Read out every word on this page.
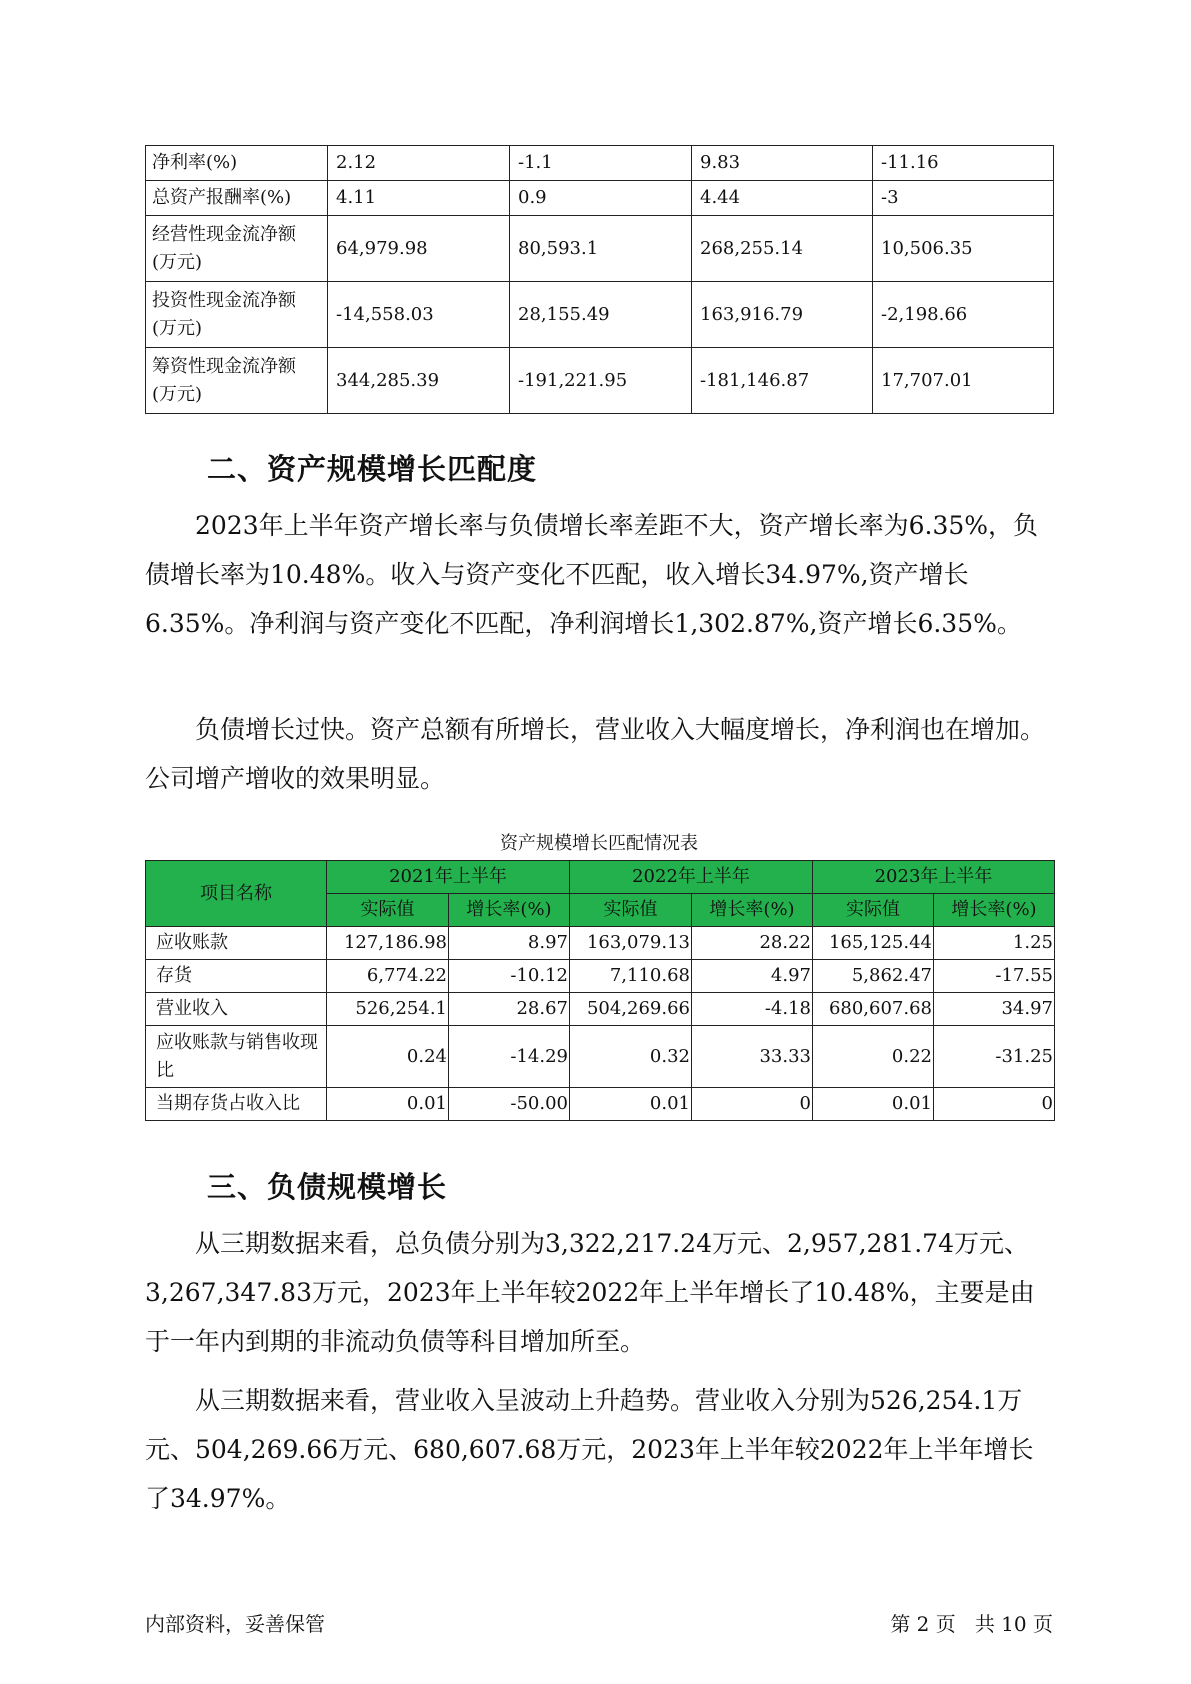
净利率(%)	2.12	-1.1	9.83	-11.16
总资产报酬率(%)	4.11	0.9	4.44	-3
经营性现金流净额(万元)	64,979.98	80,593.1	268,255.14	10,506.35
投资性现金流净额(万元)	-14,558.03	28,155.49	163,916.79	-2,198.66
筹资性现金流净额(万元)	344,285.39	-191,221.95	-181,146.87	17,707.01
二、资产规模增长匹配度

2023年上半年资产增长率与负债增长率差距不大，资产增长率为6.35%，负债增长率为10.48%。收入与资产变化不匹配，收入增长34.97%,资产增长6.35%。净利润与资产变化不匹配，净利润增长1,302.87%,资产增长6.35%。

负债增长过快。资产总额有所增长，营业收入大幅度增长，净利润也在增加。公司增产增收的效果明显。

资产规模增长匹配情况表
项目名称	2021年上半年		2022年上半年		2023年上半年	
	实际值	增长率(%)	实际值	增长率(%)	实际值	增长率(%)
应收账款	127,186.98	8.97	163,079.13	28.22	165,125.44	1.25
存货	6,774.22	-10.12	7,110.68	4.97	5,862.47	-17.55
营业收入	526,254.1	28.67	504,269.66	-4.18	680,607.68	34.97
应收账款与销售收现比	0.24	-14.29	0.32	33.33	0.22	-31.25
当期存货占收入比	0.01	-50.00	0.01	0	0.01	0
三、负债规模增长

从三期数据来看，总负债分别为3,322,217.24万元、2,957,281.74万元、3,267,347.83万元，2023年上半年较2022年上半年增长了10.48%，主要是由于一年内到期的非流动负债等科目增加所至。

从三期数据来看，营业收入呈波动上升趋势。营业收入分别为526,254.1万元、504,269.66万元、680,607.68万元，2023年上半年较2022年上半年增长了34.97%。

内部资料，妥善保管	第 2 页   共 10 页
